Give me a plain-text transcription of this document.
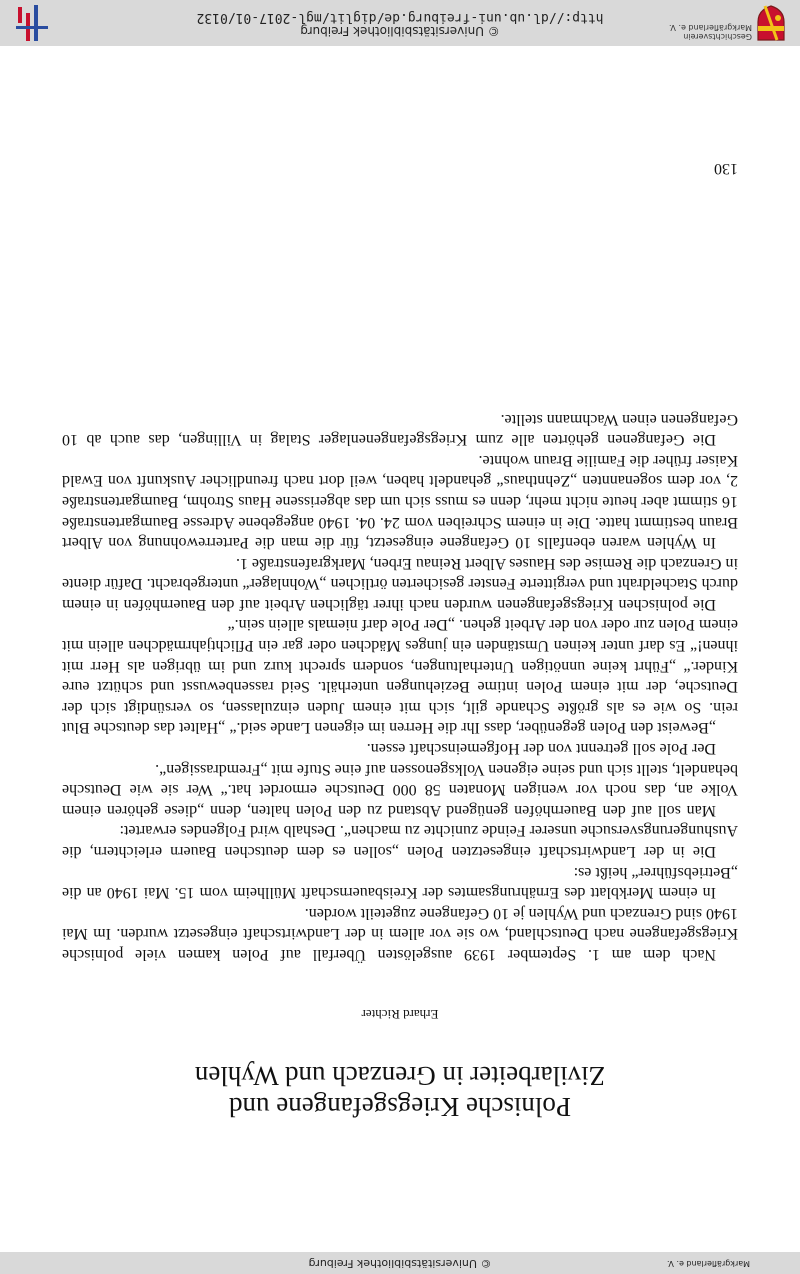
© Universitätsbibliothek Freiburg	Markgräflerland e. V.
Polnische Kriegsgefangene und
Zivilarbeiter in Grenzach und Wyhlen
Erhard Richter

Nach dem am 1. September 1939 ausgelösten Überfall auf Polen kamen viele polnische Kriegsgefangene nach Deutschland, wo sie vor allem in der Landwirtschaft eingesetzt wurden. Im Mai 1940 sind Grenzach und Wyhlen je 10 Gefangene zugeteilt worden.

In einem Merkblatt des Ernährungsamtes der Kreisbauernschaft Müllheim vom 15. Mai 1940 an die „Betriebsführer“ heißt es:

Die in der Landwirtschaft eingesetzten Polen „sollen es dem deutschen Bauern erleichtern, die Aushungerungsversuche unserer Feinde zunichte zu machen“. Deshalb wird Folgendes erwartet:

Man soll auf den Bauernhöfen genügend Abstand zu den Polen halten, denn „diese gehören einem Volke an, das noch vor wenigen Monaten 58 000 Deutsche ermordet hat.“ Wer sie wie Deutsche behandelt, stellt sich und seine eigenen Volksgenossen auf eine Stufe mit „Fremdrassigen“.

Der Pole soll getrennt von der Hofgemeinschaft essen.

„Beweist den Polen gegenüber, dass Ihr die Herren im eigenen Lande seid.“ „Haltet das deutsche Blut rein. So wie es als größte Schande gilt, sich mit einem Juden einzulassen, so versündigt sich der Deutsche, der mit einem Polen intime Beziehungen unterhält. Seid rassenbewusst und schützt eure Kinder.“ „Führt keine unnötigen Unterhaltungen, sondern sprecht kurz und im übrigen als Herr mit ihnen!“ Es darf unter keinen Umständen ein junges Mädchen oder gar ein Pflichtjahrmädchen allein mit einem Polen zur oder von der Arbeit gehen. „Der Pole darf niemals allein sein.“

Die polnischen Kriegsgefangenen wurden nach ihrer täglichen Arbeit auf den Bauernhöfen in einem durch Stacheldraht und vergitterte Fenster gesicherten örtlichen „Wohnlager“ untergebracht. Dafür diente in Grenzach die Remise des Hauses Albert Reinau Erben, Markgrafenstraße 1.

In Wyhlen waren ebenfalls 10 Gefangene eingesetzt, für die man die Parterrewohnung von Albert Braun bestimmt hatte. Die in einem Schreiben vom 24. 04. 1940 angegebene Adresse Baumgartenstraße 16 stimmt aber heute nicht mehr, denn es muss sich um das abgerissene Haus Strohm, Baumgartenstraße 2, vor dem sogenannten „Zehnthaus“ gehandelt haben, weil dort nach freundlicher Auskunft von Ewald Kaiser früher die Familie Braun wohnte.

Die Gefangenen gehörten alle zum Kriegsgefangenenlager Stalag in Villingen, das auch ab 10 Gefangenen einen Wachmann stellte.

130
Geschichtsverein
Markgräflerland e. V.
© Universitätsbibliothek Freiburg
http://dl.ub.uni-freiburg.de/diglit/mgl-2017-01/0132
